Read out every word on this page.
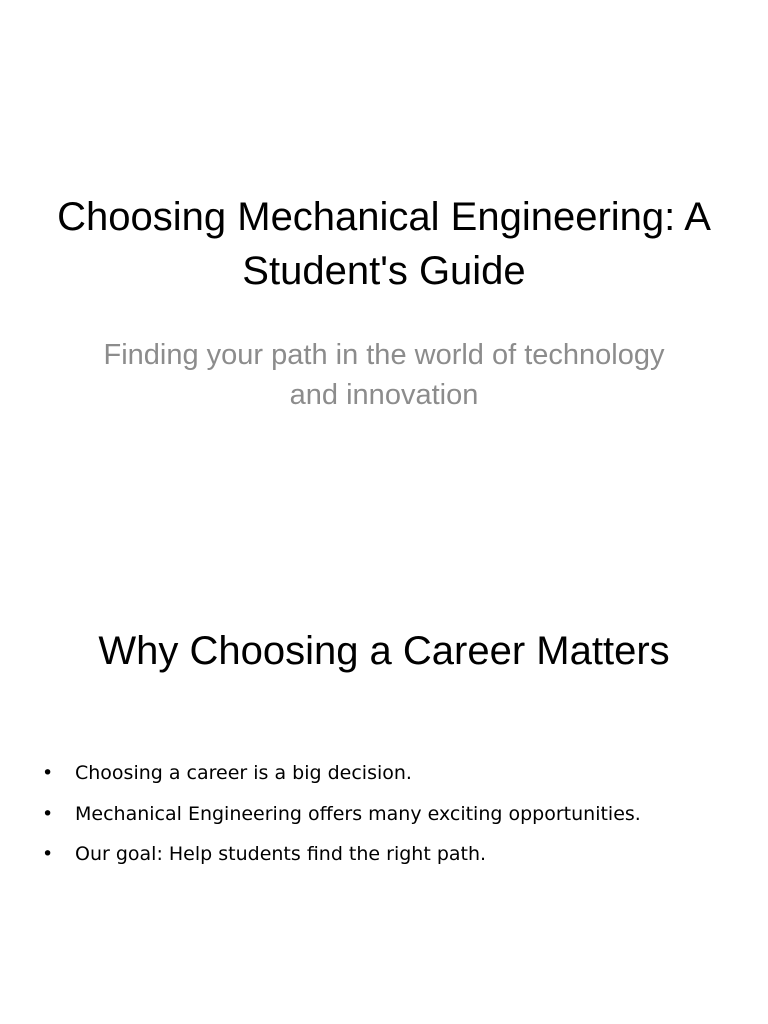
Choosing Mechanical Engineering: A Student's Guide

Finding your path in the world of technology and innovation

Why Choosing a Career Matters
•	Choosing a career is a big decision.
•	Mechanical Engineering offers many exciting opportunities.
•	Our goal: Help students find the right path.
